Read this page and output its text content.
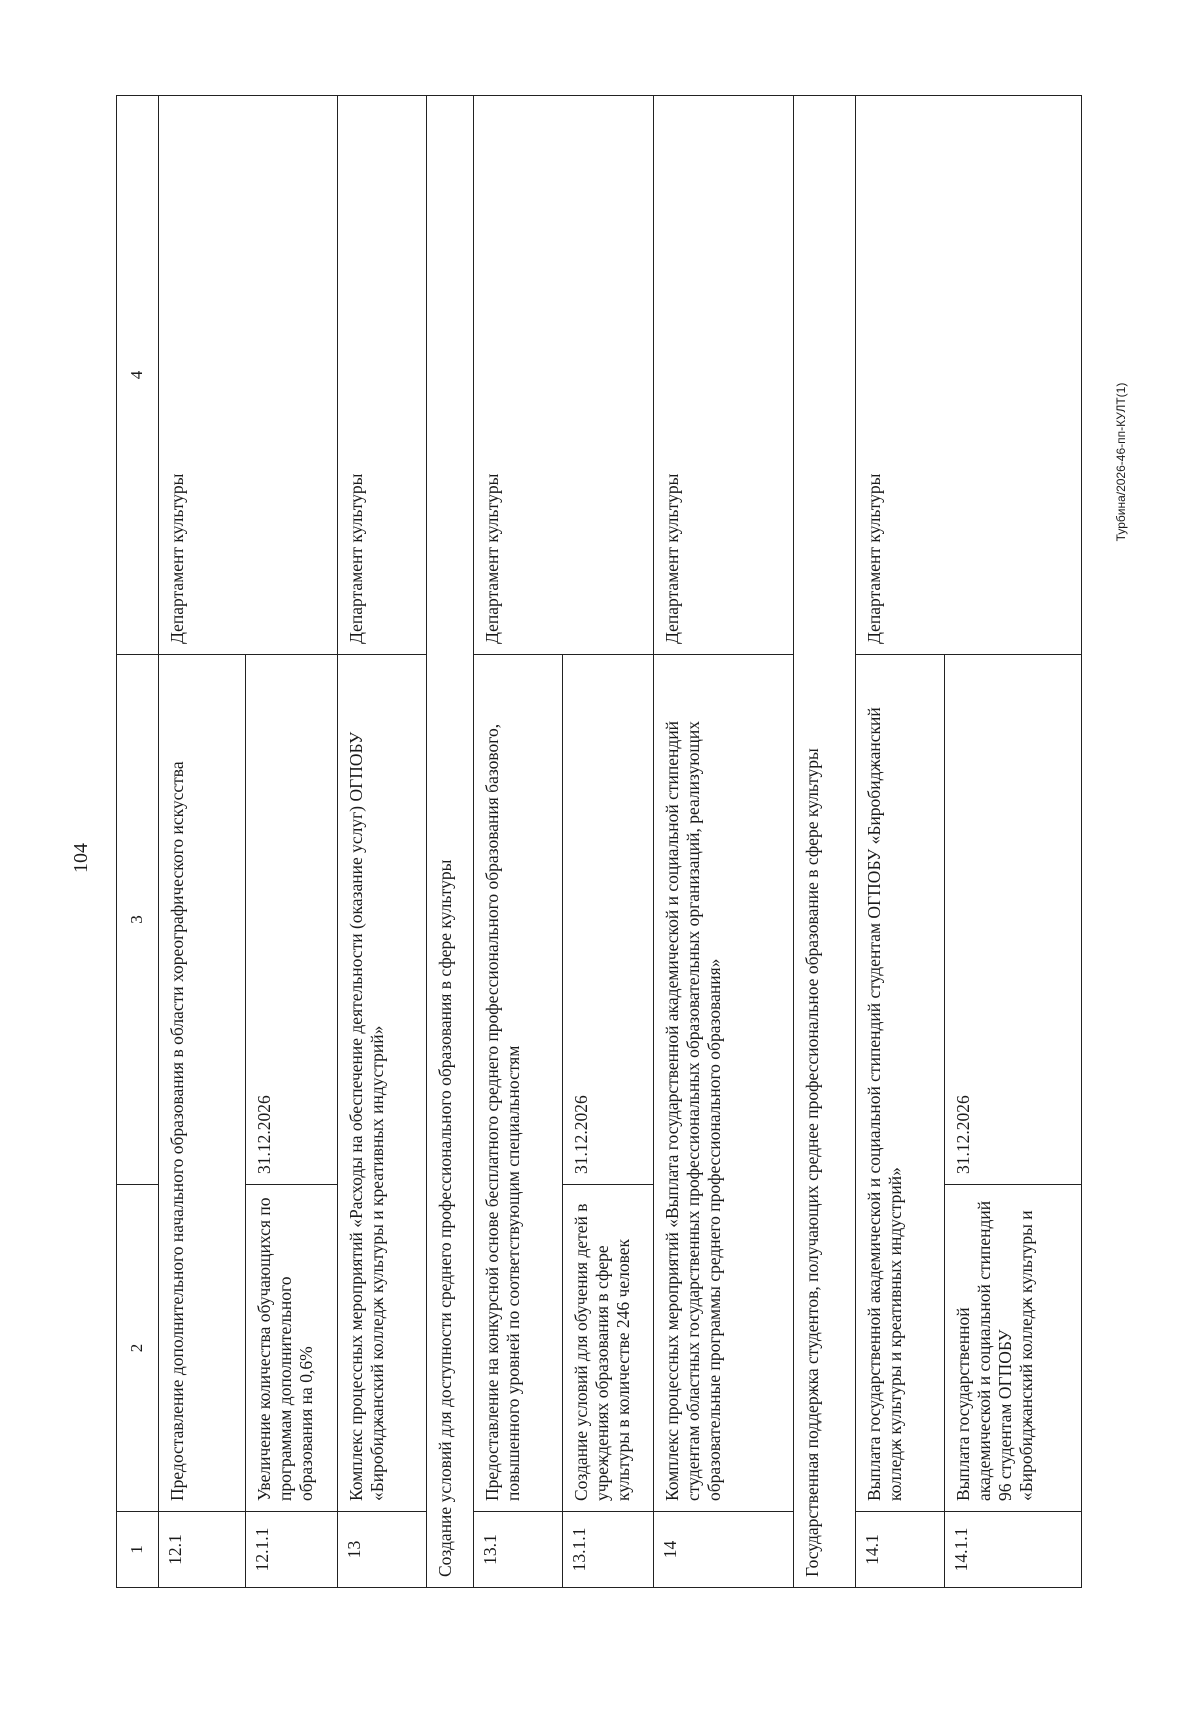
104
Турбина/2026-46-пп-КУЛТ(1)
1	2	3	4
12.1	Предоставление дополнительного начального образования в области хореографического искусства		Департамент культуры
12.1.1	Увеличение количества обучающихся по программам дополнительного образования на 0,6%	31.12.2026	
13	Комплекс процессных мероприятий «Расходы на обеспечение деятельности (оказание услуг) ОГПОБУ «Биробиджанский колледж культуры и креативных индустрий»		Департамент культуры
Создание условий для доступности среднего профессионального образования в сфере культуры			
13.1	Предоставление на конкурсной основе бесплатного среднего профессионального образования базового, повышенного уровней по соответствующим специальностям		Департамент культуры
13.1.1	Создание условий для обучения детей в учреждениях образования в сфере культуры в количестве 246 человек	31.12.2026	
14	Комплекс процессных мероприятий «Выплата государственной академической и социальной стипендий студентам областных государственных профессиональных образовательных организаций, реализующих образовательные программы среднего профессионального образования»		Департамент культуры
Государственная поддержка студентов, получающих среднее профессиональное образование в сфере культуры			
14.1	Выплата государственной академической и социальной стипендий студентам ОГПОБУ «Биробиджанский колледж культуры и креативных индустрий»		Департамент культуры
14.1.1	Выплата государственной академической и социальной стипендий 96 студентам ОГПОБУ «Биробиджанский колледж культуры и	31.12.2026	
